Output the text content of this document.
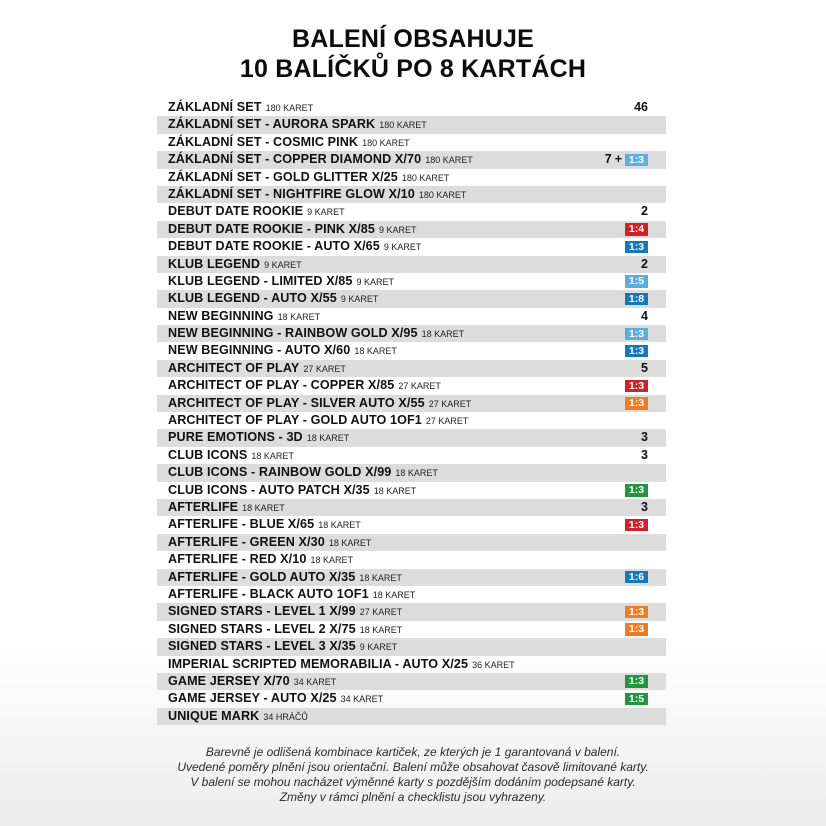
BALENÍ OBSAHUJE
10 BALÍČKŮ PO 8 KARTÁCH
ZÁKLADNÍ SET 180 KARET	46
ZÁKLADNÍ SET - AURORA SPARK 180 KARET
ZÁKLADNÍ SET - COSMIC PINK 180 KARET
ZÁKLADNÍ SET - COPPER DIAMOND X/70 180 KARET	7 + 1:3
ZÁKLADNÍ SET - GOLD GLITTER X/25 180 KARET
ZÁKLADNÍ SET - NIGHTFIRE GLOW X/10 180 KARET
DEBUT DATE ROOKIE 9 KARET	2
DEBUT DATE ROOKIE - PINK X/85 9 KARET	1:4
DEBUT DATE ROOKIE - AUTO X/65 9 KARET	1:3
KLUB LEGEND 9 KARET	2
KLUB LEGEND - LIMITED X/85 9 KARET	1:5
KLUB LEGEND - AUTO X/55 9 KARET	1:8
NEW BEGINNING 18 KARET	4
NEW BEGINNING - RAINBOW GOLD X/95 18 KARET	1:3
NEW BEGINNING - AUTO X/60 18 KARET	1:3
ARCHITECT OF PLAY 27 KARET	5
ARCHITECT OF PLAY - COPPER X/85 27 KARET	1:3
ARCHITECT OF PLAY - SILVER AUTO X/55 27 KARET	1:3
ARCHITECT OF PLAY - GOLD AUTO 1OF1 27 KARET
PURE EMOTIONS - 3D 18 KARET	3
CLUB ICONS 18 KARET	3
CLUB ICONS - RAINBOW GOLD X/99 18 KARET
CLUB ICONS - AUTO PATCH X/35 18 KARET	1:3
AFTERLIFE 18 KARET	3
AFTERLIFE - BLUE X/65 18 KARET	1:3
AFTERLIFE - GREEN X/30 18 KARET
AFTERLIFE - RED X/10 18 KARET
AFTERLIFE - GOLD AUTO X/35 18 KARET	1:6
AFTERLIFE - BLACK AUTO 1OF1 18 KARET
SIGNED STARS - LEVEL 1 X/99 27 KARET	1:3
SIGNED STARS - LEVEL 2 X/75 18 KARET	1:3
SIGNED STARS - LEVEL 3 X/35 9 KARET
IMPERIAL SCRIPTED MEMORABILIA - AUTO X/25 36 KARET
GAME JERSEY X/70 34 KARET	1:3
GAME JERSEY - AUTO X/25 34 KARET	1:5
UNIQUE MARK 34 HRÁČŮ
Barevně je odlišená kombinace kartiček, ze kterých je 1 garantovaná v balení.
Uvedené poměry plnění jsou orientační. Balení může obsahovat časově limitované karty.
V balení se mohou nacházet výměnné karty s pozdějším dodáním podepsané karty.
Změny v rámci plnění a checklistu jsou vyhrazeny.
